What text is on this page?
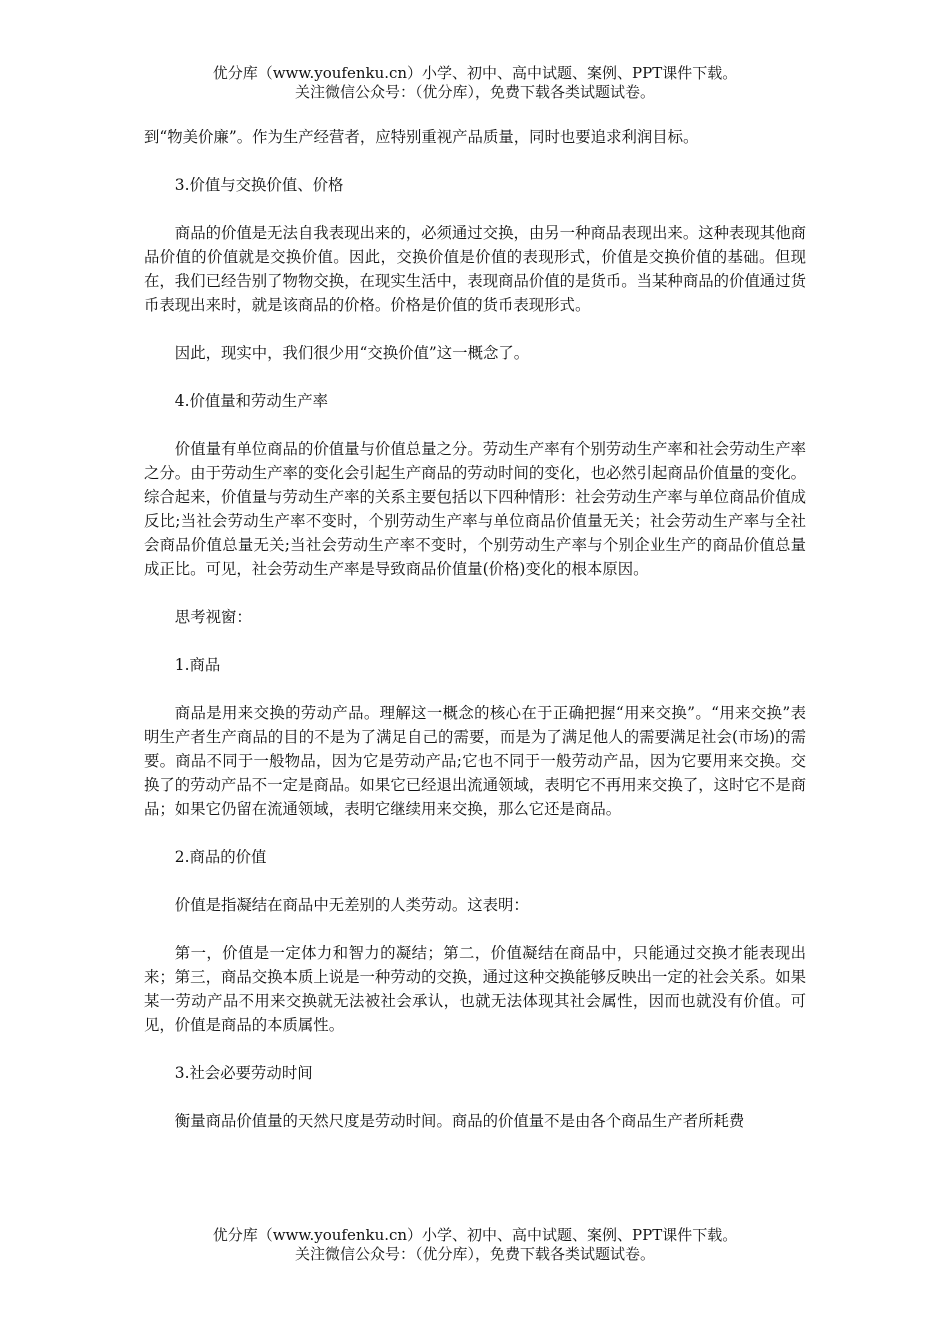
优分库（www.youfenku.cn）小学、初中、高中试题、案例、PPT课件下载。
关注微信公众号：（优分库），免费下载各类试题试卷。

到“物美价廉”。作为生产经营者，应特别重视产品质量，同时也要追求利润目标。

3.价值与交换价值、价格

商品的价值是无法自我表现出来的，必须通过交换，由另一种商品表现出来。这种表现其他商品价值的价值就是交换价值。因此，交换价值是价值的表现形式，价值是交换价值的基础。但现在，我们已经告别了物物交换，在现实生活中，表现商品价值的是货币。当某种商品的价值通过货币表现出来时，就是该商品的价格。价格是价值的货币表现形式。

因此，现实中，我们很少用“交换价值”这一概念了。

4.价值量和劳动生产率

价值量有单位商品的价值量与价值总量之分。劳动生产率有个别劳动生产率和社会劳动生产率之分。由于劳动生产率的变化会引起生产商品的劳动时间的变化，也必然引起商品价值量的变化。综合起来，价值量与劳动生产率的关系主要包括以下四种情形：社会劳动生产率与单位商品价值成反比;当社会劳动生产率不变时，个别劳动生产率与单位商品价值量无关；社会劳动生产率与全社会商品价值总量无关;当社会劳动生产率不变时，个别劳动生产率与个别企业生产的商品价值总量成正比。可见，社会劳动生产率是导致商品价值量(价格)变化的根本原因。

思考视窗：

1.商品

商品是用来交换的劳动产品。理解这一概念的核心在于正确把握“用来交换”。“用来交换”表明生产者生产商品的目的不是为了满足自己的需要，而是为了满足他人的需要满足社会(市场)的需要。商品不同于一般物品，因为它是劳动产品;它也不同于一般劳动产品，因为它要用来交换。交换了的劳动产品不一定是商品。如果它已经退出流通领域，表明它不再用来交换了，这时它不是商品；如果它仍留在流通领域，表明它继续用来交换，那么它还是商品。

2.商品的价值

价值是指凝结在商品中无差别的人类劳动。这表明：

第一，价值是一定体力和智力的凝结；第二，价值凝结在商品中，只能通过交换才能表现出来；第三，商品交换本质上说是一种劳动的交换，通过这种交换能够反映出一定的社会关系。如果某一劳动产品不用来交换就无法被社会承认，也就无法体现其社会属性，因而也就没有价值。可见，价值是商品的本质属性。

3.社会必要劳动时间

衡量商品价值量的天然尺度是劳动时间。商品的价值量不是由各个商品生产者所耗费

优分库（www.youfenku.cn）小学、初中、高中试题、案例、PPT课件下载。
关注微信公众号：（优分库），免费下载各类试题试卷。
